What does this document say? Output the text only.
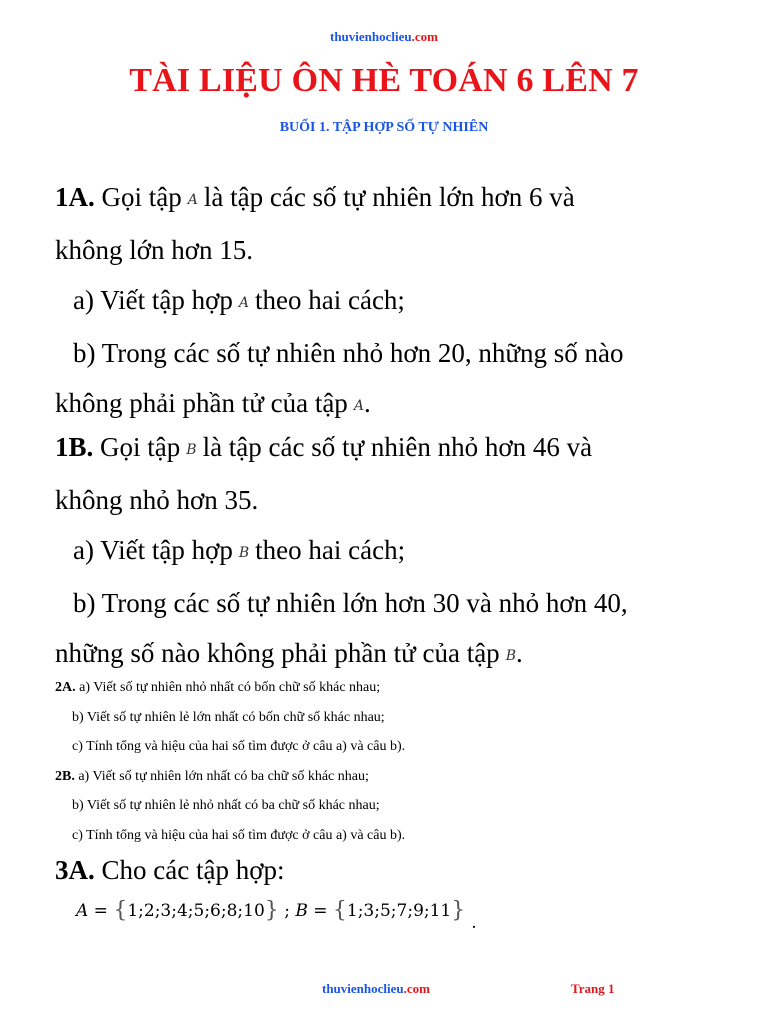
thuvienhoclieu.com
TÀI LIỆU ÔN HÈ TOÁN 6 LÊN 7
BUỔI 1. TẬP HỢP SỐ TỰ NHIÊN
1A. Gọi tập A là tập các số tự nhiên lớn hơn 6 và
không lớn hơn 15.
a) Viết tập hợp A theo hai cách;
b) Trong các số tự nhiên nhỏ hơn 20, những số nào
không phải phần tử của tập A.
1B. Gọi tập B là tập các số tự nhiên nhỏ hơn 46 và
không nhỏ hơn 35.
a) Viết tập hợp B theo hai cách;
b) Trong các số tự nhiên lớn hơn 30 và nhỏ hơn 40,
những số nào không phải phần tử của tập B.
2A. a) Viết số tự nhiên nhỏ nhất có bốn chữ số khác nhau;
b) Viết số tự nhiên lẻ lớn nhất có bốn chữ số khác nhau;
c) Tính tổng và hiệu của hai số tìm được ở câu a) và câu b).
2B. a) Viết số tự nhiên lớn nhất có ba chữ số khác nhau;
b) Viết số tự nhiên lẻ nhỏ nhất có ba chữ số khác nhau;
c) Tính tổng và hiệu của hai số tìm được ở câu a) và câu b).
3A. Cho các tập hợp:
A = {1;2;3;4;5;6;8;10} ; B = {1;3;5;7;9;11} .
thuvienhoclieu.com	Trang 1
